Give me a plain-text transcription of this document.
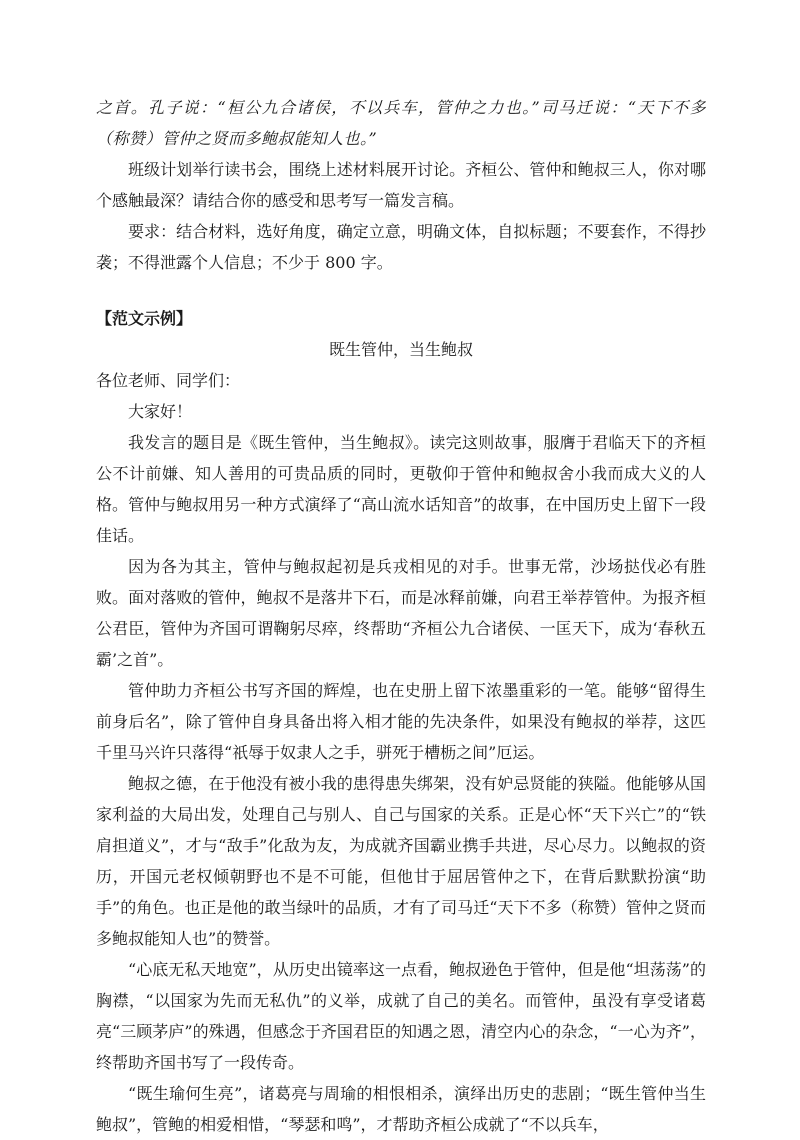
之首。孔子说：“桓公九合诸侯，不以兵车，管仲之力也。”司马迁说：“天下不多（称赞）管仲之贤而多鲍叔能知人也。”

班级计划举行读书会，围绕上述材料展开讨论。齐桓公、管仲和鲍叔三人，你对哪个感触最深？请结合你的感受和思考写一篇发言稿。

要求：结合材料，选好角度，确定立意，明确文体，自拟标题；不要套作，不得抄袭；不得泄露个人信息；不少于 800 字。

【范文示例】

既生管仲，当生鲍叔

各位老师、同学们：

大家好！

我发言的题目是《既生管仲，当生鲍叔》。读完这则故事，服膺于君临天下的齐桓公不计前嫌、知人善用的可贵品质的同时，更敬仰于管仲和鲍叔舍小我而成大义的人格。管仲与鲍叔用另一种方式演绎了“高山流水话知音”的故事，在中国历史上留下一段佳话。

因为各为其主，管仲与鲍叔起初是兵戎相见的对手。世事无常，沙场挞伐必有胜败。面对落败的管仲，鲍叔不是落井下石，而是冰释前嫌，向君王举荐管仲。为报齐桓公君臣，管仲为齐国可谓鞠躬尽瘁，终帮助“齐桓公九合诸侯、一匡天下，成为‘春秋五霸’之首”。

管仲助力齐桓公书写齐国的辉煌，也在史册上留下浓墨重彩的一笔。能够“留得生前身后名”，除了管仲自身具备出将入相才能的先决条件，如果没有鲍叔的举荐，这匹千里马兴许只落得“祇辱于奴隶人之手，骈死于槽枥之间”厄运。

鲍叔之德，在于他没有被小我的患得患失绑架，没有妒忌贤能的狭隘。他能够从国家利益的大局出发，处理自己与别人、自己与国家的关系。正是心怀“天下兴亡”的“铁肩担道义”，才与“敌手”化敌为友，为成就齐国霸业携手共进，尽心尽力。以鲍叔的资历，开国元老权倾朝野也不是不可能，但他甘于屈居管仲之下，在背后默默扮演“助手”的角色。也正是他的敢当绿叶的品质，才有了司马迁“天下不多（称赞）管仲之贤而多鲍叔能知人也”的赞誉。

“心底无私天地宽”，从历史出镜率这一点看，鲍叔逊色于管仲，但是他“坦荡荡”的胸襟，“以国家为先而无私仇”的义举，成就了自己的美名。而管仲，虽没有享受诸葛亮“三顾茅庐”的殊遇，但感念于齐国君臣的知遇之恩，清空内心的杂念，“一心为齐”，终帮助齐国书写了一段传奇。

“既生瑜何生亮”，诸葛亮与周瑜的相恨相杀，演绎出历史的悲剧；“既生管仲当生鲍叔”，管鲍的相爱相惜，“琴瑟和鸣”，才帮助齐桓公成就了“不以兵车，
